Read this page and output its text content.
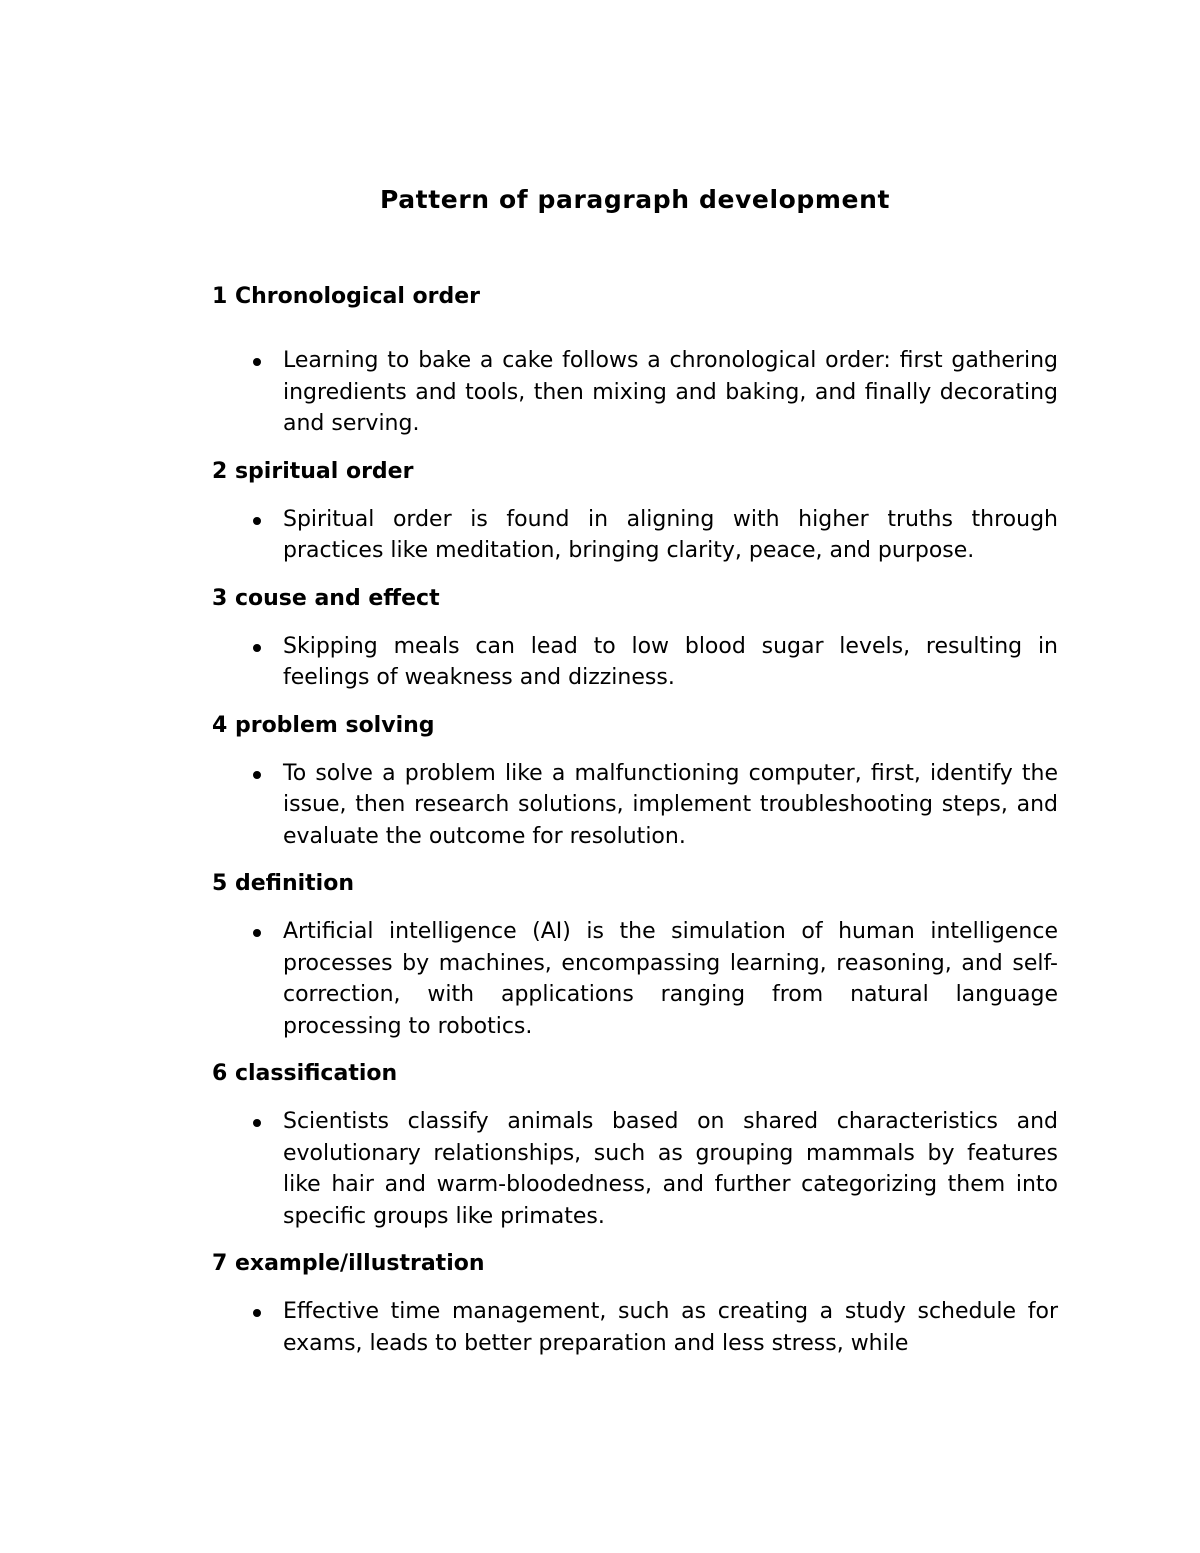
Pattern of paragraph development
1 Chronological order
Learning to bake a cake follows a chronological order: first gathering ingredients and tools, then mixing and baking, and finally decorating and serving.
2 spiritual order
Spiritual order is found in aligning with higher truths through practices like meditation, bringing clarity, peace, and purpose.
3 couse and effect
Skipping meals can lead to low blood sugar levels, resulting in feelings of weakness and dizziness.
4 problem solving
To solve a problem like a malfunctioning computer, first, identify the issue, then research solutions, implement troubleshooting steps, and evaluate the outcome for resolution.
5 definition
Artificial intelligence (AI) is the simulation of human intelligence processes by machines, encompassing learning, reasoning, and self-correction, with applications ranging from natural language processing to robotics.
6 classification
Scientists classify animals based on shared characteristics and evolutionary relationships, such as grouping mammals by features like hair and warm-bloodedness, and further categorizing them into specific groups like primates.
7 example/illustration
Effective time management, such as creating a study schedule for exams, leads to better preparation and less stress, while
